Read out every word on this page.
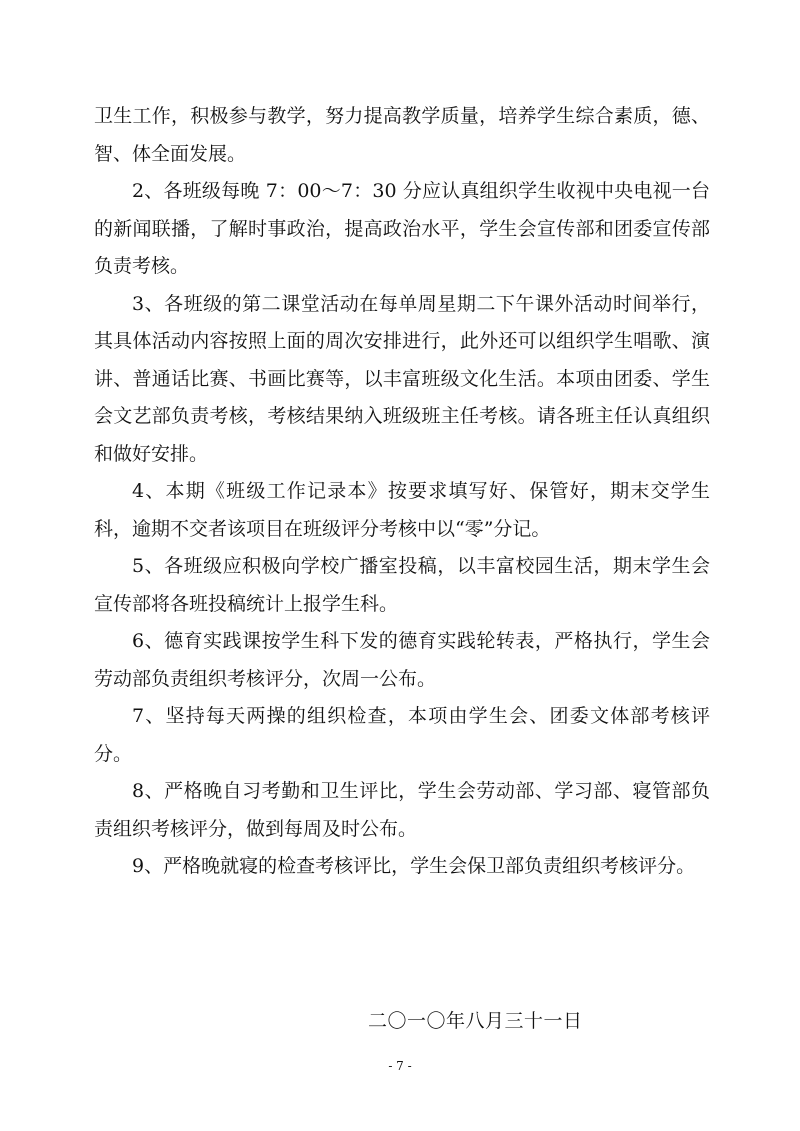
卫生工作，积极参与教学，努力提高教学质量，培养学生综合素质，德、智、体全面发展。

2、各班级每晚 7：00～7：30 分应认真组织学生收视中央电视一台的新闻联播，了解时事政治，提高政治水平，学生会宣传部和团委宣传部负责考核。

3、各班级的第二课堂活动在每单周星期二下午课外活动时间举行，其具体活动内容按照上面的周次安排进行，此外还可以组织学生唱歌、演讲、普通话比赛、书画比赛等，以丰富班级文化生活。本项由团委、学生会文艺部负责考核，考核结果纳入班级班主任考核。请各班主任认真组织和做好安排。

4、本期《班级工作记录本》按要求填写好、保管好，期末交学生科，逾期不交者该项目在班级评分考核中以“零”分记。

5、各班级应积极向学校广播室投稿，以丰富校园生活，期末学生会宣传部将各班投稿统计上报学生科。

6、德育实践课按学生科下发的德育实践轮转表，严格执行，学生会劳动部负责组织考核评分，次周一公布。

7、坚持每天两操的组织检查，本项由学生会、团委文体部考核评分。

8、严格晚自习考勤和卫生评比，学生会劳动部、学习部、寝管部负责组织考核评分，做到每周及时公布。

9、严格晚就寝的检查考核评比，学生会保卫部负责组织考核评分。

二〇一〇年八月三十一日
- 7 -
